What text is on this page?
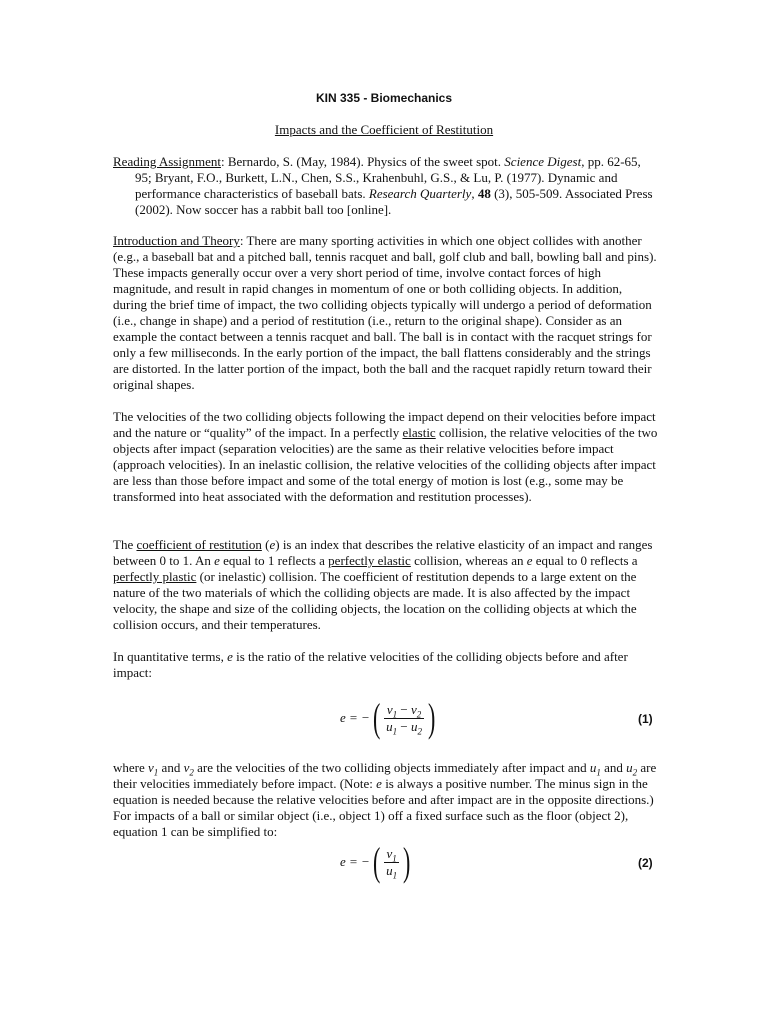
KIN 335 - Biomechanics
Impacts and the Coefficient of Restitution

Reading Assignment: Bernardo, S. (May, 1984). Physics of the sweet spot. Science Digest, pp. 62-65, 95; Bryant, F.O., Burkett, L.N., Chen, S.S., Krahenbuhl, G.S., & Lu, P. (1977). Dynamic and performance characteristics of baseball bats. Research Quarterly, 48 (3), 505-509. Associated Press (2002). Now soccer has a rabbit ball too [online].

Introduction and Theory: There are many sporting activities in which one object collides with another (e.g., a baseball bat and a pitched ball, tennis racquet and ball, golf club and ball, bowling ball and pins). These impacts generally occur over a very short period of time, involve contact forces of high magnitude, and result in rapid changes in momentum of one or both colliding objects. In addition, during the brief time of impact, the two colliding objects typically will undergo a period of deformation (i.e., change in shape) and a period of restitution (i.e., return to the original shape). Consider as an example the contact between a tennis racquet and ball. The ball is in contact with the racquet strings for only a few milliseconds. In the early portion of the impact, the ball flattens considerably and the strings are distorted. In the latter portion of the impact, both the ball and the racquet rapidly return toward their original shapes.

The velocities of the two colliding objects following the impact depend on their velocities before impact and the nature or “quality” of the impact. In a perfectly elastic collision, the relative velocities of the two objects after impact (separation velocities) are the same as their relative velocities before impact (approach velocities). In an inelastic collision, the relative velocities of the colliding objects after impact are less than those before impact and some of the total energy of motion is lost (e.g., some may be transformed into heat associated with the deformation and restitution processes).

The coefficient of restitution (e) is an index that describes the relative elasticity of an impact and ranges between 0 to 1. An e equal to 1 reflects a perfectly elastic collision, whereas an e equal to 0 reflects a perfectly plastic (or inelastic) collision. The coefficient of restitution depends to a large extent on the nature of the two materials of which the colliding objects are made. It is also affected by the impact velocity, the shape and size of the colliding objects, the location on the colliding objects at which the collision occurs, and their temperatures.

In quantitative terms, e is the ratio of the relative velocities of the colliding objects before and after impact:

e = − ( $\frac{v_1 - v_2}{u_1 - u_2}$ )	(1)

where $v_1$ and $v_2$ are the velocities of the two colliding objects immediately after impact and $u_1$ and $u_2$ are their velocities immediately before impact. (Note: e is always a positive number. The minus sign in the equation is needed because the relative velocities before and after impact are in the opposite directions.) For impacts of a ball or similar object (i.e., object 1) off a fixed surface such as the floor (object 2), equation 1 can be simplified to:

e = − ( $\frac{v_1}{u_1}$ )	(2)
